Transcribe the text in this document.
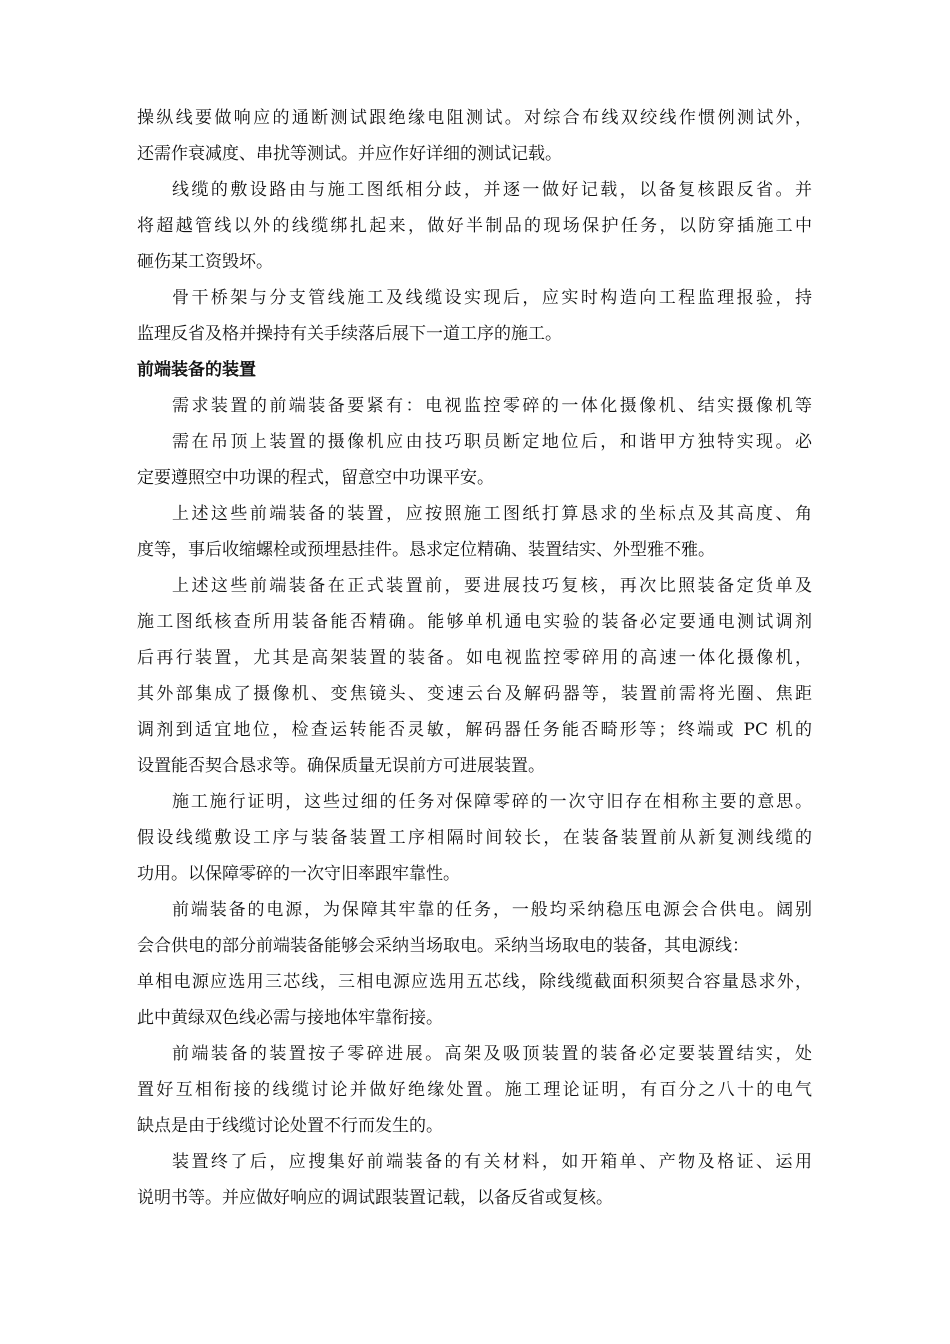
操纵线要做响应的通断测试跟绝缘电阻测试。对综合布线双绞线作惯例测试外，
还需作衰减度、串扰等测试。并应作好详细的测试记载。
线缆的敷设路由与施工图纸相分歧，并逐一做好记载，以备复核跟反省。并
将超越管线以外的线缆绑扎起来，做好半制品的现场保护任务，以防穿插施工中
砸伤某工资毁坏。
骨干桥架与分支管线施工及线缆设实现后，应实时构造向工程监理报验，持
监理反省及格并操持有关手续落后展下一道工序的施工。
前端装备的装置
需求装置的前端装备要紧有：电视监控零碎的一体化摄像机、结实摄像机等
需在吊顶上装置的摄像机应由技巧职员断定地位后，和谐甲方独特实现。必
定要遵照空中功课的程式，留意空中功课平安。
上述这些前端装备的装置，应按照施工图纸打算恳求的坐标点及其高度、角
度等，事后收缩螺栓或预埋悬挂件。恳求定位精确、装置结实、外型雅不雅。
上述这些前端装备在正式装置前，要进展技巧复核，再次比照装备定货单及
施工图纸核查所用装备能否精确。能够单机通电实验的装备必定要通电测试调剂
后再行装置，尤其是高架装置的装备。如电视监控零碎用的高速一体化摄像机，
其外部集成了摄像机、变焦镜头、变速云台及解码器等，装置前需将光圈、焦距
调剂到适宜地位，检查运转能否灵敏，解码器任务能否畸形等；终端或 PC 机的
设置能否契合恳求等。确保质量无误前方可进展装置。
施工施行证明，这些过细的任务对保障零碎的一次守旧存在相称主要的意思。
假设线缆敷设工序与装备装置工序相隔时间较长，在装备装置前从新复测线缆的
功用。以保障零碎的一次守旧率跟牢靠性。
前端装备的电源，为保障其牢靠的任务，一般均采纳稳压电源会合供电。阔别
会合供电的部分前端装备能够会采纳当场取电。采纳当场取电的装备，其电源线：
单相电源应选用三芯线，三相电源应选用五芯线，除线缆截面积须契合容量恳求外，
此中黄绿双色线必需与接地体牢靠衔接。
前端装备的装置按子零碎进展。高架及吸顶装置的装备必定要装置结实，处
置好互相衔接的线缆讨论并做好绝缘处置。施工理论证明，有百分之八十的电气
缺点是由于线缆讨论处置不行而发生的。
装置终了后，应搜集好前端装备的有关材料，如开箱单、产物及格证、运用
说明书等。并应做好响应的调试跟装置记载，以备反省或复核。
